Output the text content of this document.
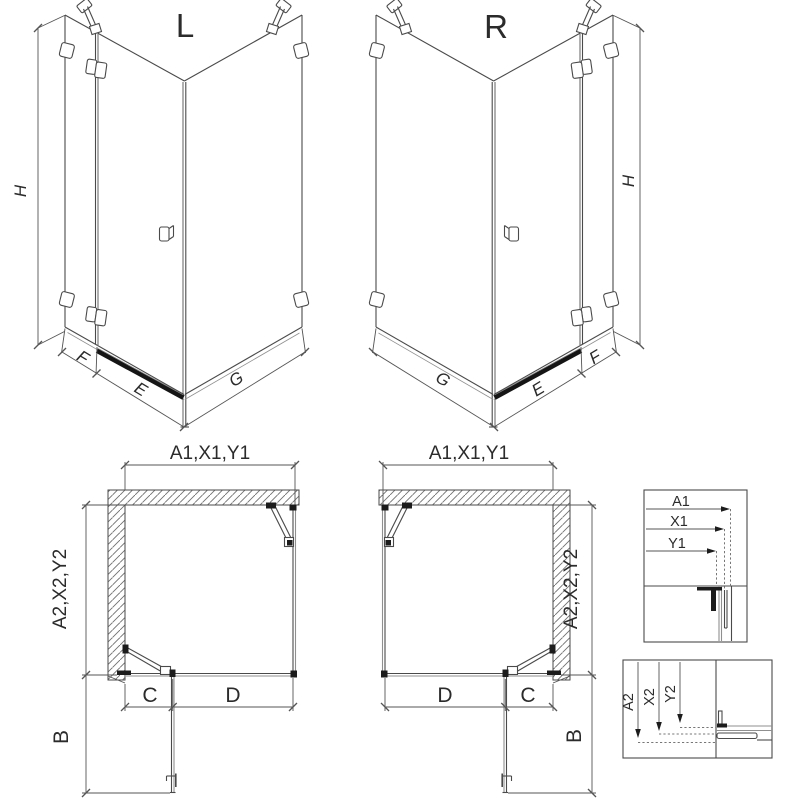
L
H
F
E	G
R
H
F
E
G
A1,X1,Y1
A2,X2,Y2
C	D
B
A1,X1,Y1
A2,X2,Y2
D	C
B
A1
X1
Y1
A2 X2 Y2
